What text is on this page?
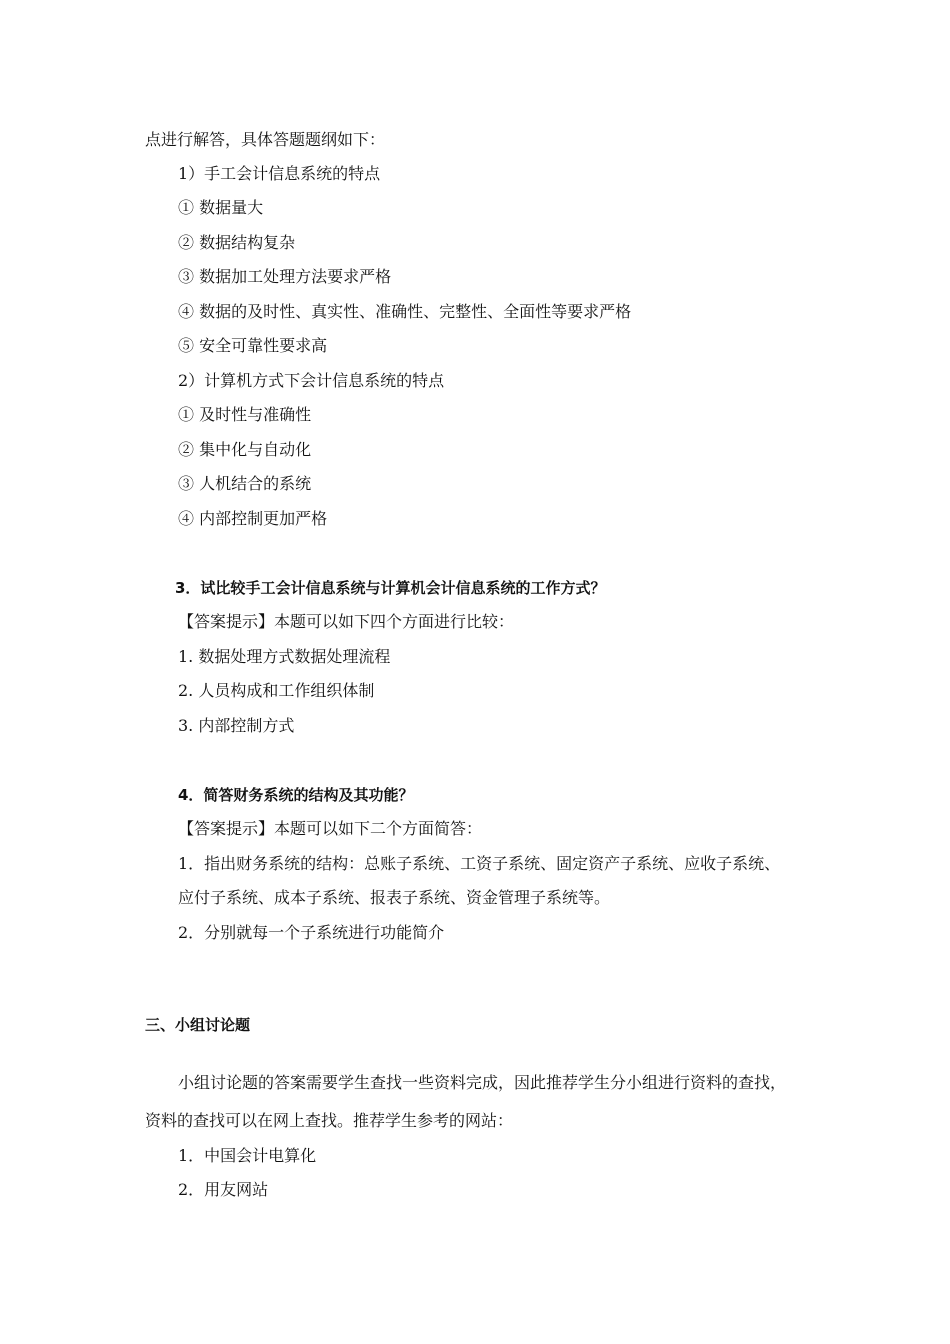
点进行解答，具体答题题纲如下：
1）手工会计信息系统的特点
① 数据量大
② 数据结构复杂
③ 数据加工处理方法要求严格
④ 数据的及时性、真实性、准确性、完整性、全面性等要求严格
⑤ 安全可靠性要求高
2）计算机方式下会计信息系统的特点
① 及时性与准确性
② 集中化与自动化
③ 人机结合的系统
④ 内部控制更加严格
3．试比较手工会计信息系统与计算机会计信息系统的工作方式？
【答案提示】本题可以如下四个方面进行比较：
1. 数据处理方式数据处理流程
2. 人员构成和工作组织体制
3. 内部控制方式
4．简答财务系统的结构及其功能？
【答案提示】本题可以如下二个方面简答：
1．指出财务系统的结构：总账子系统、工资子系统、固定资产子系统、应收子系统、
应付子系统、成本子系统、报表子系统、资金管理子系统等。
2．分别就每一个子系统进行功能简介
三、小组讨论题
小组讨论题的答案需要学生查找一些资料完成，因此推荐学生分小组进行资料的查找，
资料的查找可以在网上查找。推荐学生参考的网站：
1．中国会计电算化
2．用友网站
